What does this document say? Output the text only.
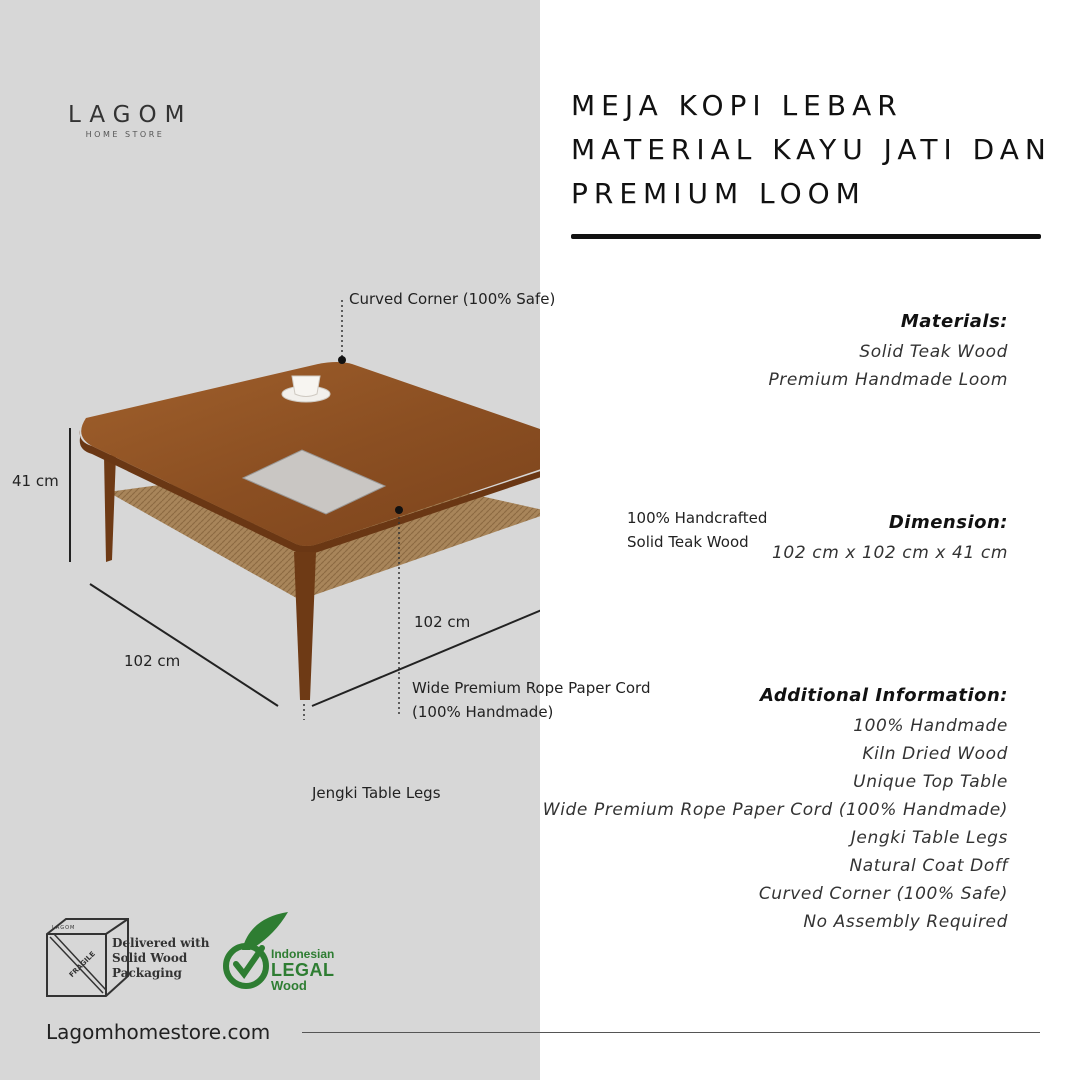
LAGOM
HOME STORE
MEJA KOPI LEBAR
MATERIAL KAYU JATI DAN
PREMIUM LOOM
Curved Corner (100% Safe)
100% Handcrafted
Solid Teak Wood
Wide Premium Rope Paper Cord
(100% Handmade)
Jengki Table Legs
41 cm
102 cm
102 cm
Materials:
Solid Teak Wood
Premium Handmade Loom
Dimension:
102 cm x 102 cm x 41 cm
Additional Information:
100% Handmade
Kiln Dried Wood
Unique Top Table
Wide Premium Rope Paper Cord (100% Handmade)
Jengki Table Legs
Natural Coat Doff
Curved Corner (100% Safe)
No Assembly Required
FRAGILE
LAGOM
Delivered with
Solid Wood
Packaging
Indonesian
LEGAL
Wood
Lagomhomestore.com
